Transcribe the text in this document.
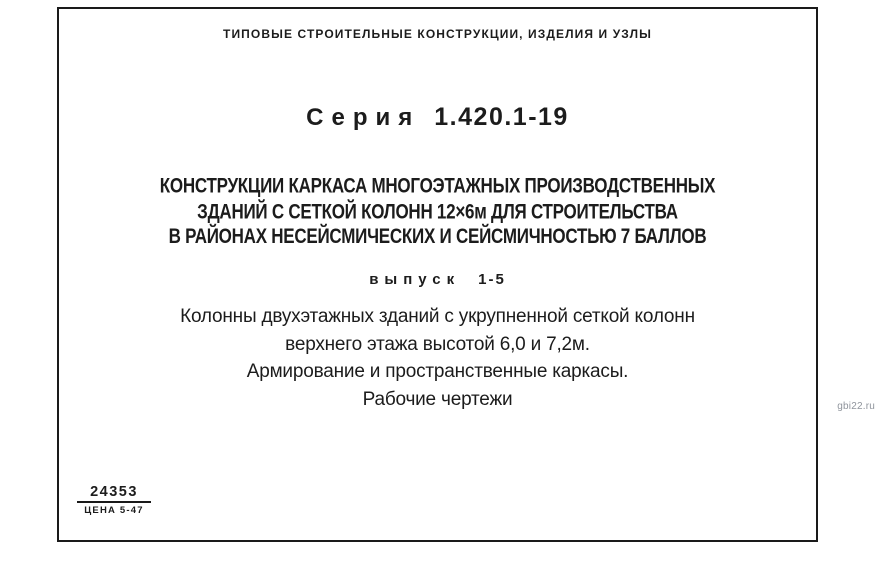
ТИПОВЫЕ СТРОИТЕЛЬНЫЕ КОНСТРУКЦИИ, ИЗДЕЛИЯ И УЗЛЫ
Серия 1.420.1-19
КОНСТРУКЦИИ КАРКАСА МНОГОЭТАЖНЫХ ПРОИЗВОДСТВЕННЫХ
ЗДАНИЙ С СЕТКОЙ КОЛОНН 12×6м ДЛЯ СТРОИТЕЛЬСТВА
В РАЙОНАХ НЕСЕЙСМИЧЕСКИХ И СЕЙСМИЧНОСТЬЮ 7 БАЛЛОВ
выпуск 1-5
Колонны двухэтажных зданий с укрупненной сеткой колонн
верхнего этажа высотой 6,0 и 7,2м.
Армирование и пространственные каркасы.
Рабочие чертежи
24353
ЦЕНА 5-47
gbi22.ru
